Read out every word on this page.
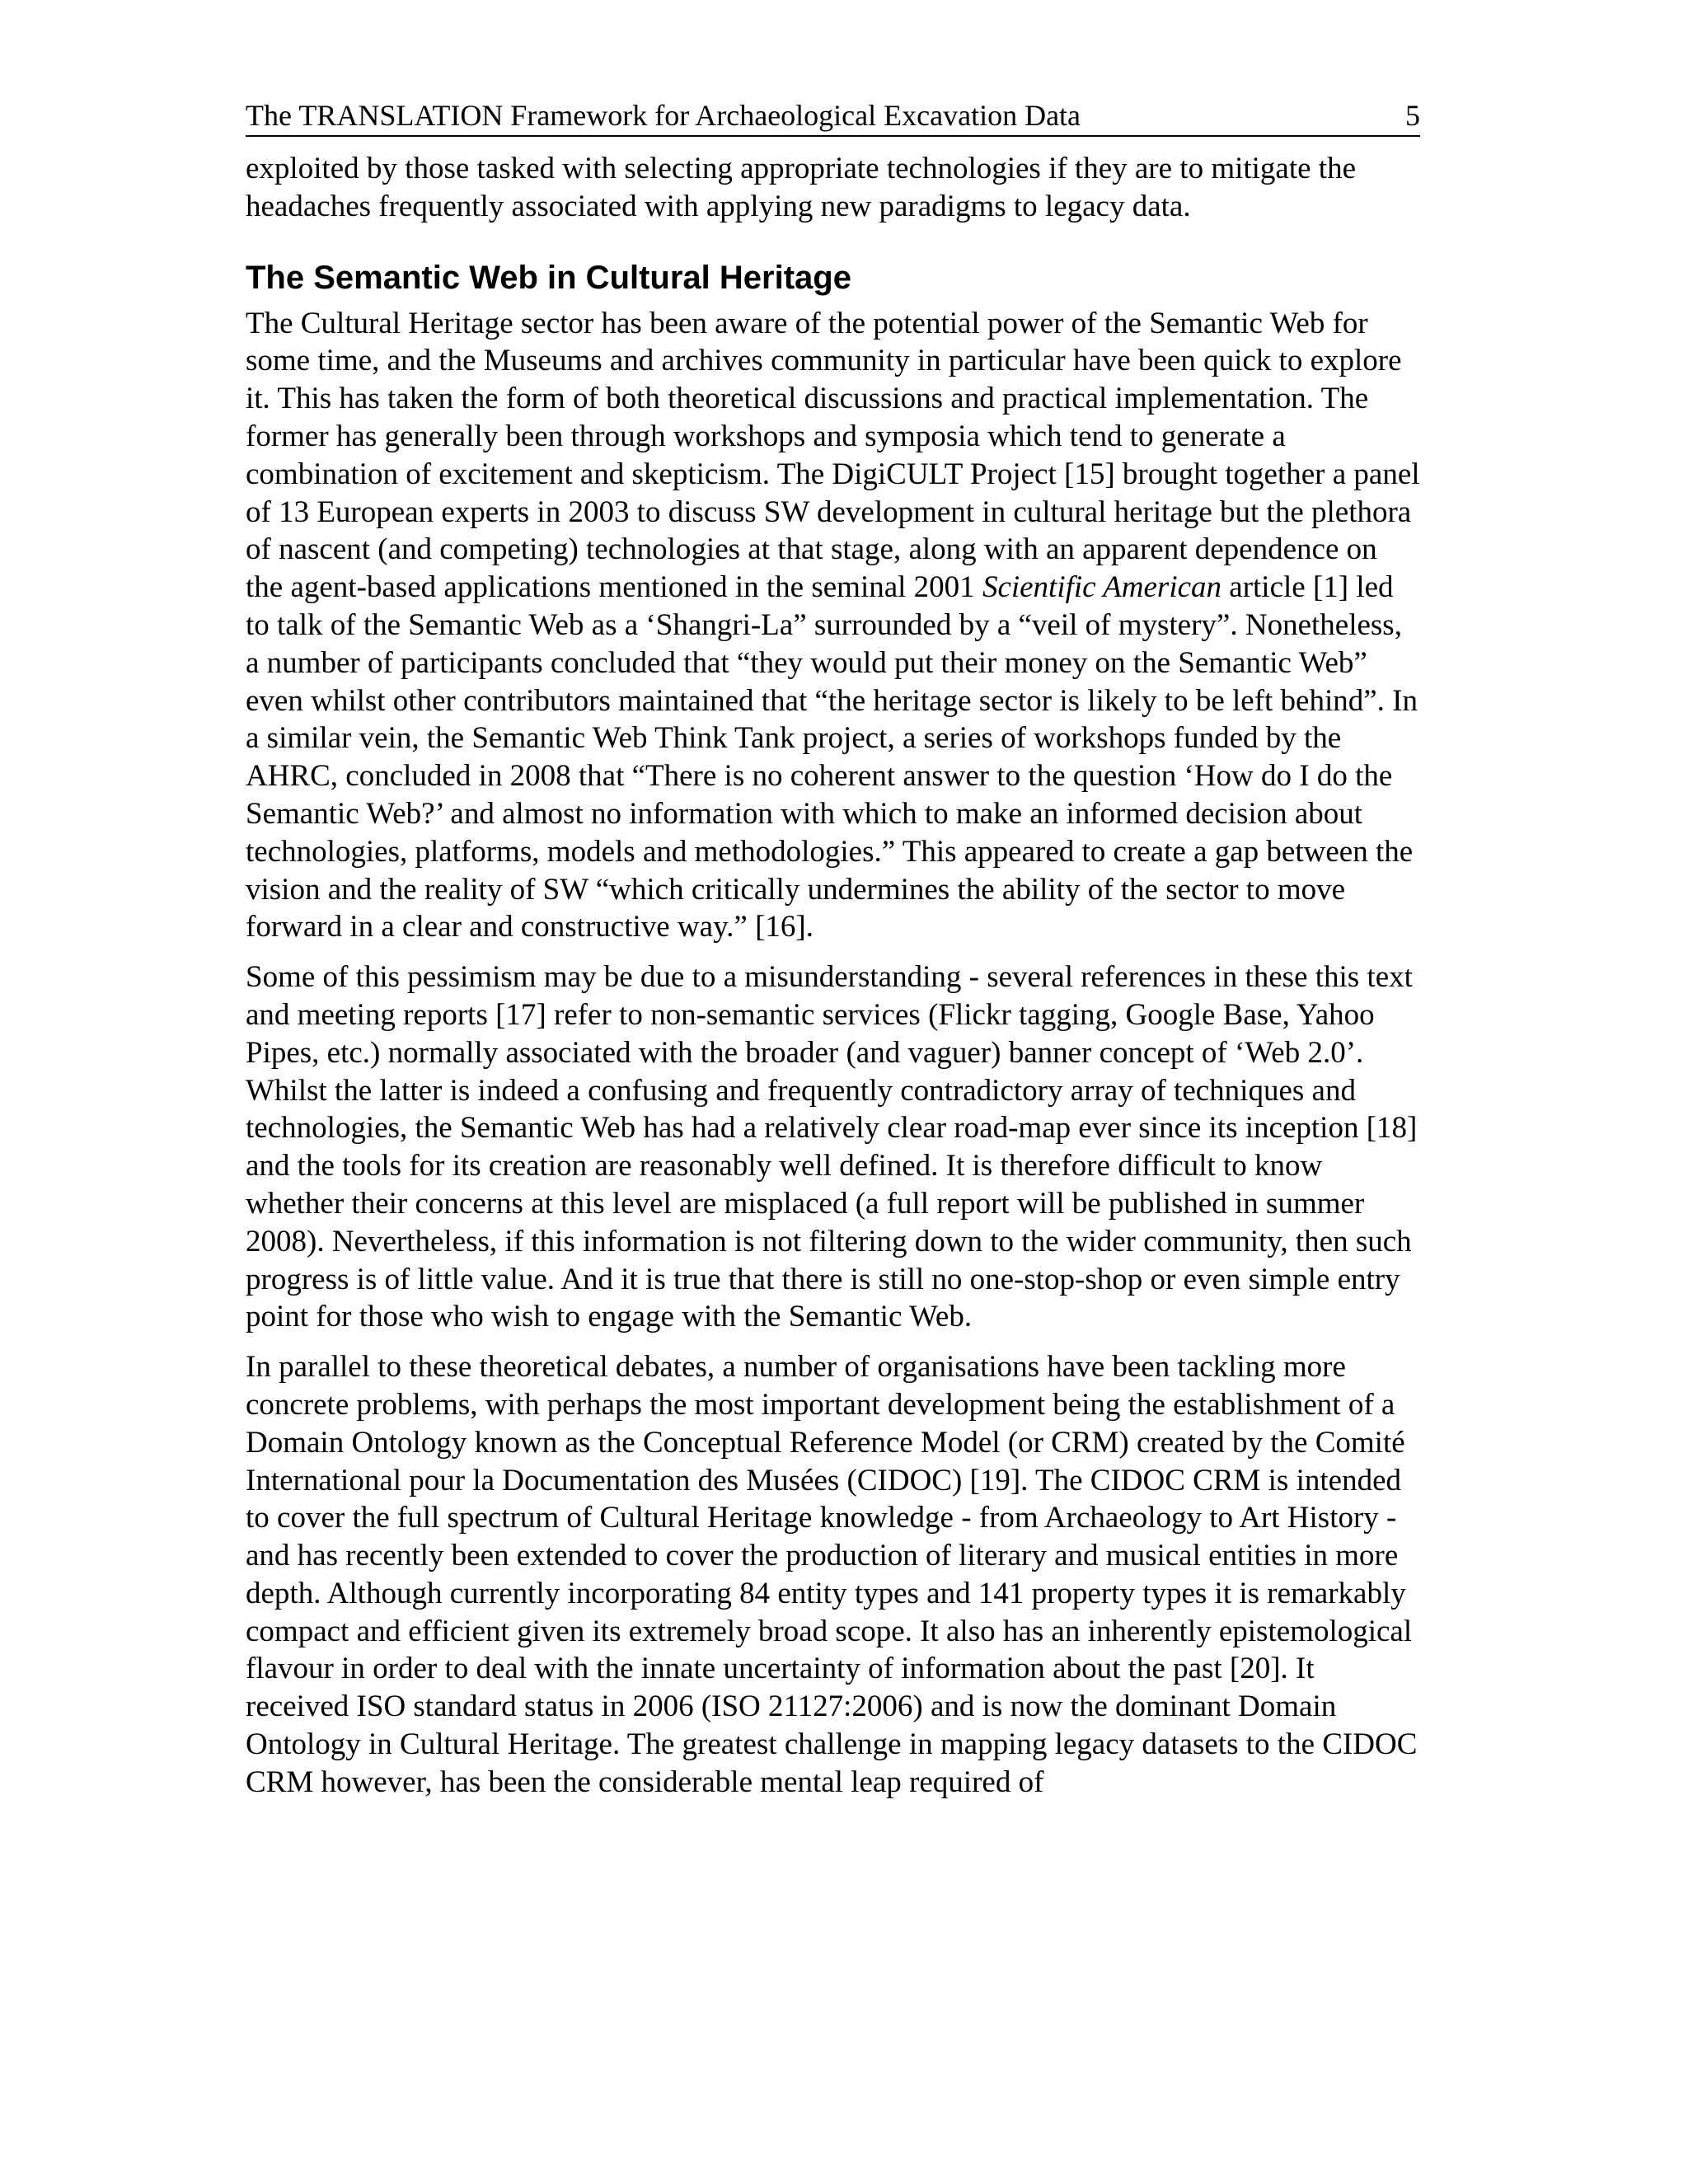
The TRANSLATION Framework for Archaeological Excavation Data	5

exploited by those tasked with selecting appropriate technologies if they are to mitigate the headaches frequently associated with applying new paradigms to legacy data.

The Semantic Web in Cultural Heritage

The Cultural Heritage sector has been aware of the potential power of the Semantic Web for some time, and the Museums and archives community in particular have been quick to explore it. This has taken the form of both theoretical discussions and practical implementation. The former has generally been through workshops and symposia which tend to generate a combination of excitement and skepticism. The DigiCULT Project [15] brought together a panel of 13 European experts in 2003 to discuss SW development in cultural heritage but the plethora of nascent (and competing) technologies at that stage, along with an apparent dependence on the agent-based applications mentioned in the seminal 2001 Scientific American article [1] led to talk of the Semantic Web as a ‘Shangri-La” surrounded by a “veil of mystery”. Nonetheless, a number of participants concluded that “they would put their money on the Semantic Web” even whilst other contributors maintained that “the heritage sector is likely to be left behind”. In a similar vein, the Semantic Web Think Tank project, a series of workshops funded by the AHRC, concluded in 2008 that “There is no coherent answer to the question ‘How do I do the Semantic Web?’ and almost no information with which to make an informed decision about technologies, platforms, models and methodologies.” This appeared to create a gap between the vision and the reality of SW “which critically undermines the ability of the sector to move forward in a clear and constructive way.” [16].

Some of this pessimism may be due to a misunderstanding - several references in these this text and meeting reports [17] refer to non-semantic services (Flickr tagging, Google Base, Yahoo Pipes, etc.) normally associated with the broader (and vaguer) banner concept of ‘Web 2.0’. Whilst the latter is indeed a confusing and frequently contradictory array of techniques and technologies, the Semantic Web has had a relatively clear road-map ever since its inception [18] and the tools for its creation are reasonably well defined. It is therefore difficult to know whether their concerns at this level are misplaced (a full report will be published in summer 2008). Nevertheless, if this information is not filtering down to the wider community, then such progress is of little value. And it is true that there is still no one-stop-shop or even simple entry point for those who wish to engage with the Semantic Web.

In parallel to these theoretical debates, a number of organisations have been tackling more concrete problems, with perhaps the most important development being the establishment of a Domain Ontology known as the Conceptual Reference Model (or CRM) created by the Comité International pour la Documentation des Musées (CIDOC) [19]. The CIDOC CRM is intended to cover the full spectrum of Cultural Heritage knowledge - from Archaeology to Art History - and has recently been extended to cover the production of literary and musical entities in more depth. Although currently incorporating 84 entity types and 141 property types it is remarkably compact and efficient given its extremely broad scope. It also has an inherently epistemological flavour in order to deal with the innate uncertainty of information about the past [20]. It received ISO standard status in 2006 (ISO 21127:2006) and is now the dominant Domain Ontology in Cultural Heritage. The greatest challenge in mapping legacy datasets to the CIDOC CRM however, has been the considerable mental leap required of
